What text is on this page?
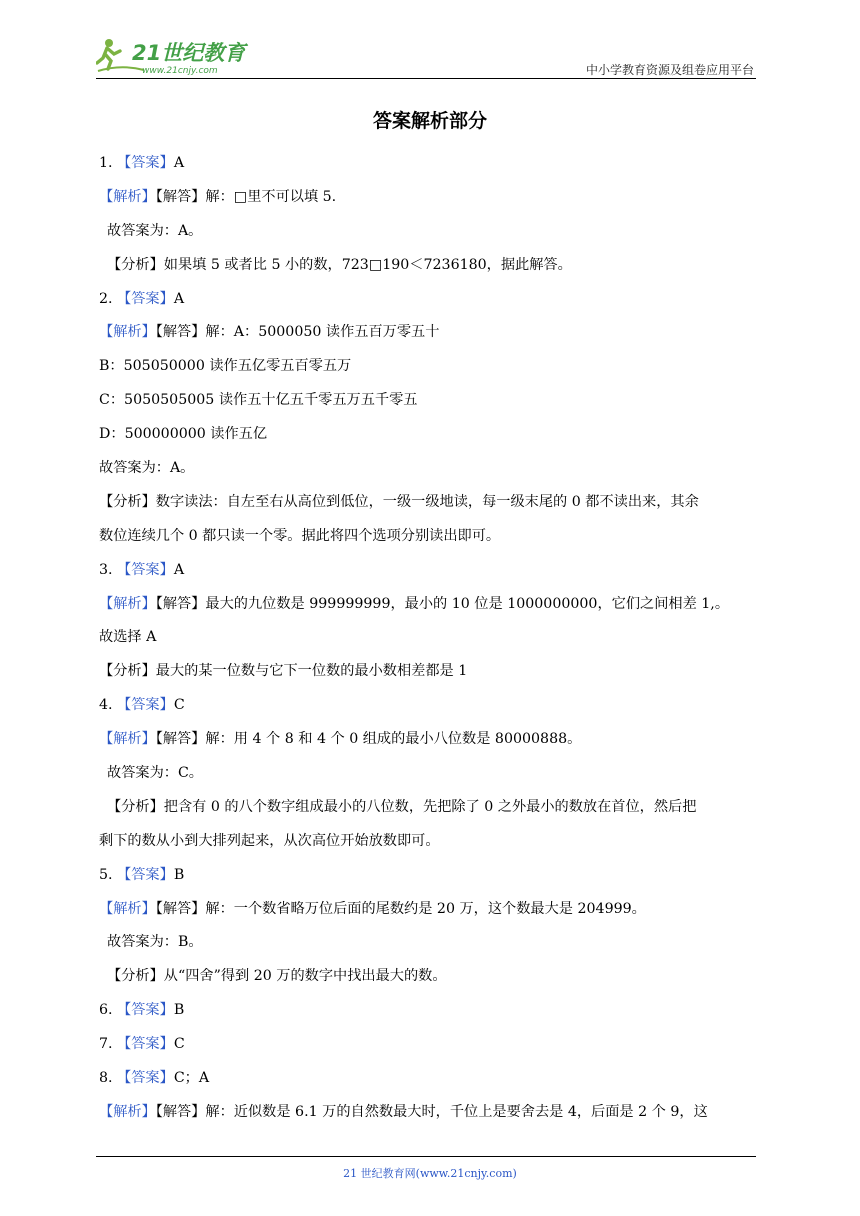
21世纪教育
www.21cnjy.com	中小学教育资源及组卷应用平台
答案解析部分
1. 【答案】A
【解析】【解答】解：□里不可以填 5.
故答案为：A。
【分析】如果填 5 或者比 5 小的数，723□190＜7236180，据此解答。
2. 【答案】A
【解析】【解答】解：A：5000050 读作五百万零五十
B：505050000 读作五亿零五百零五万
C：5050505005 读作五十亿五千零五万五千零五
D：500000000 读作五亿
故答案为：A。
【分析】数字读法：自左至右从高位到低位，一级一级地读，每一级末尾的 0 都不读出来，其余
数位连续几个 0 都只读一个零。据此将四个选项分别读出即可。
3. 【答案】A
【解析】【解答】最大的九位数是 999999999，最小的 10 位是 1000000000，它们之间相差 1,。
故选择 A
【分析】最大的某一位数与它下一位数的最小数相差都是 1
4. 【答案】C
【解析】【解答】解：用 4 个 8 和 4 个 0 组成的最小八位数是 80000888。
故答案为：C。
【分析】把含有 0 的八个数字组成最小的八位数，先把除了 0 之外最小的数放在首位，然后把
剩下的数从小到大排列起来，从次高位开始放数即可。
5. 【答案】B
【解析】【解答】解：一个数省略万位后面的尾数约是 20 万，这个数最大是 204999。
故答案为：B。
【分析】从“四舍”得到 20 万的数字中找出最大的数。
6. 【答案】B
7. 【答案】C
8. 【答案】C；A
【解析】【解答】解：近似数是 6.1 万的自然数最大时，千位上是要舍去是 4，后面是 2 个 9，这
21 世纪教育网(www.21cnjy.com)
